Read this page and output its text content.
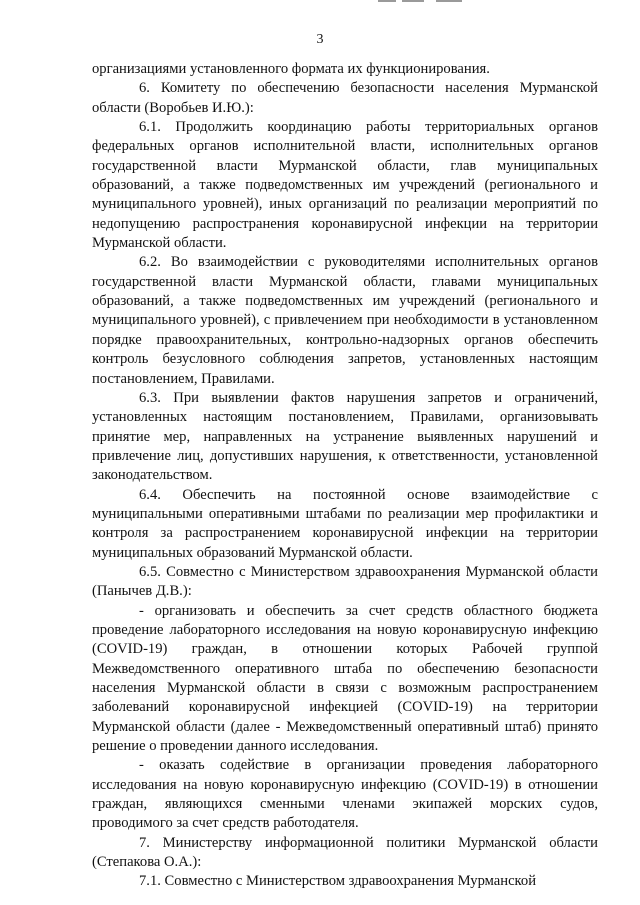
3

организациями установленного формата их функционирования.

6. Комитету по обеспечению безопасности населения Мурманской области (Воробьев И.Ю.):

6.1. Продолжить координацию работы территориальных органов федеральных органов исполнительной власти, исполнительных органов государственной власти Мурманской области, глав муниципальных образований, а также подведомственных им учреждений (регионального и муниципального уровней), иных организаций по реализации мероприятий по недопущению распространения коронавирусной инфекции на территории Мурманской области.

6.2. Во взаимодействии с руководителями исполнительных органов государственной власти Мурманской области, главами муниципальных образований, а также подведомственных им учреждений (регионального и муниципального уровней), с привлечением при необходимости в установленном порядке правоохранительных, контрольно-надзорных органов обеспечить контроль безусловного соблюдения запретов, установленных настоящим постановлением, Правилами.

6.3. При выявлении фактов нарушения запретов и ограничений, установленных настоящим постановлением, Правилами, организовывать принятие мер, направленных на устранение выявленных нарушений и привлечение лиц, допустивших нарушения, к ответственности, установленной законодательством.

6.4. Обеспечить на постоянной основе взаимодействие с муниципальными оперативными штабами по реализации мер профилактики и контроля за распространением коронавирусной инфекции на территории муниципальных образований Мурманской области.

6.5. Совместно с Министерством здравоохранения Мурманской области (Панычев Д.В.):

- организовать и обеспечить за счет средств областного бюджета проведение лабораторного исследования на новую коронавирусную инфекцию (COVID-19) граждан, в отношении которых Рабочей группой Межведомственного оперативного штаба по обеспечению безопасности населения Мурманской области в связи с возможным распространением заболеваний коронавирусной инфекцией (COVID-19) на территории Мурманской области (далее - Межведомственный оперативный штаб) принято решение о проведении данного исследования.

- оказать содействие в организации проведения лабораторного исследования на новую коронавирусную инфекцию (COVID-19) в отношении граждан, являющихся сменными членами экипажей морских судов, проводимого за счет средств работодателя.

7. Министерству информационной политики Мурманской области (Степакова О.А.):

7.1. Совместно с Министерством здравоохранения Мурманской
